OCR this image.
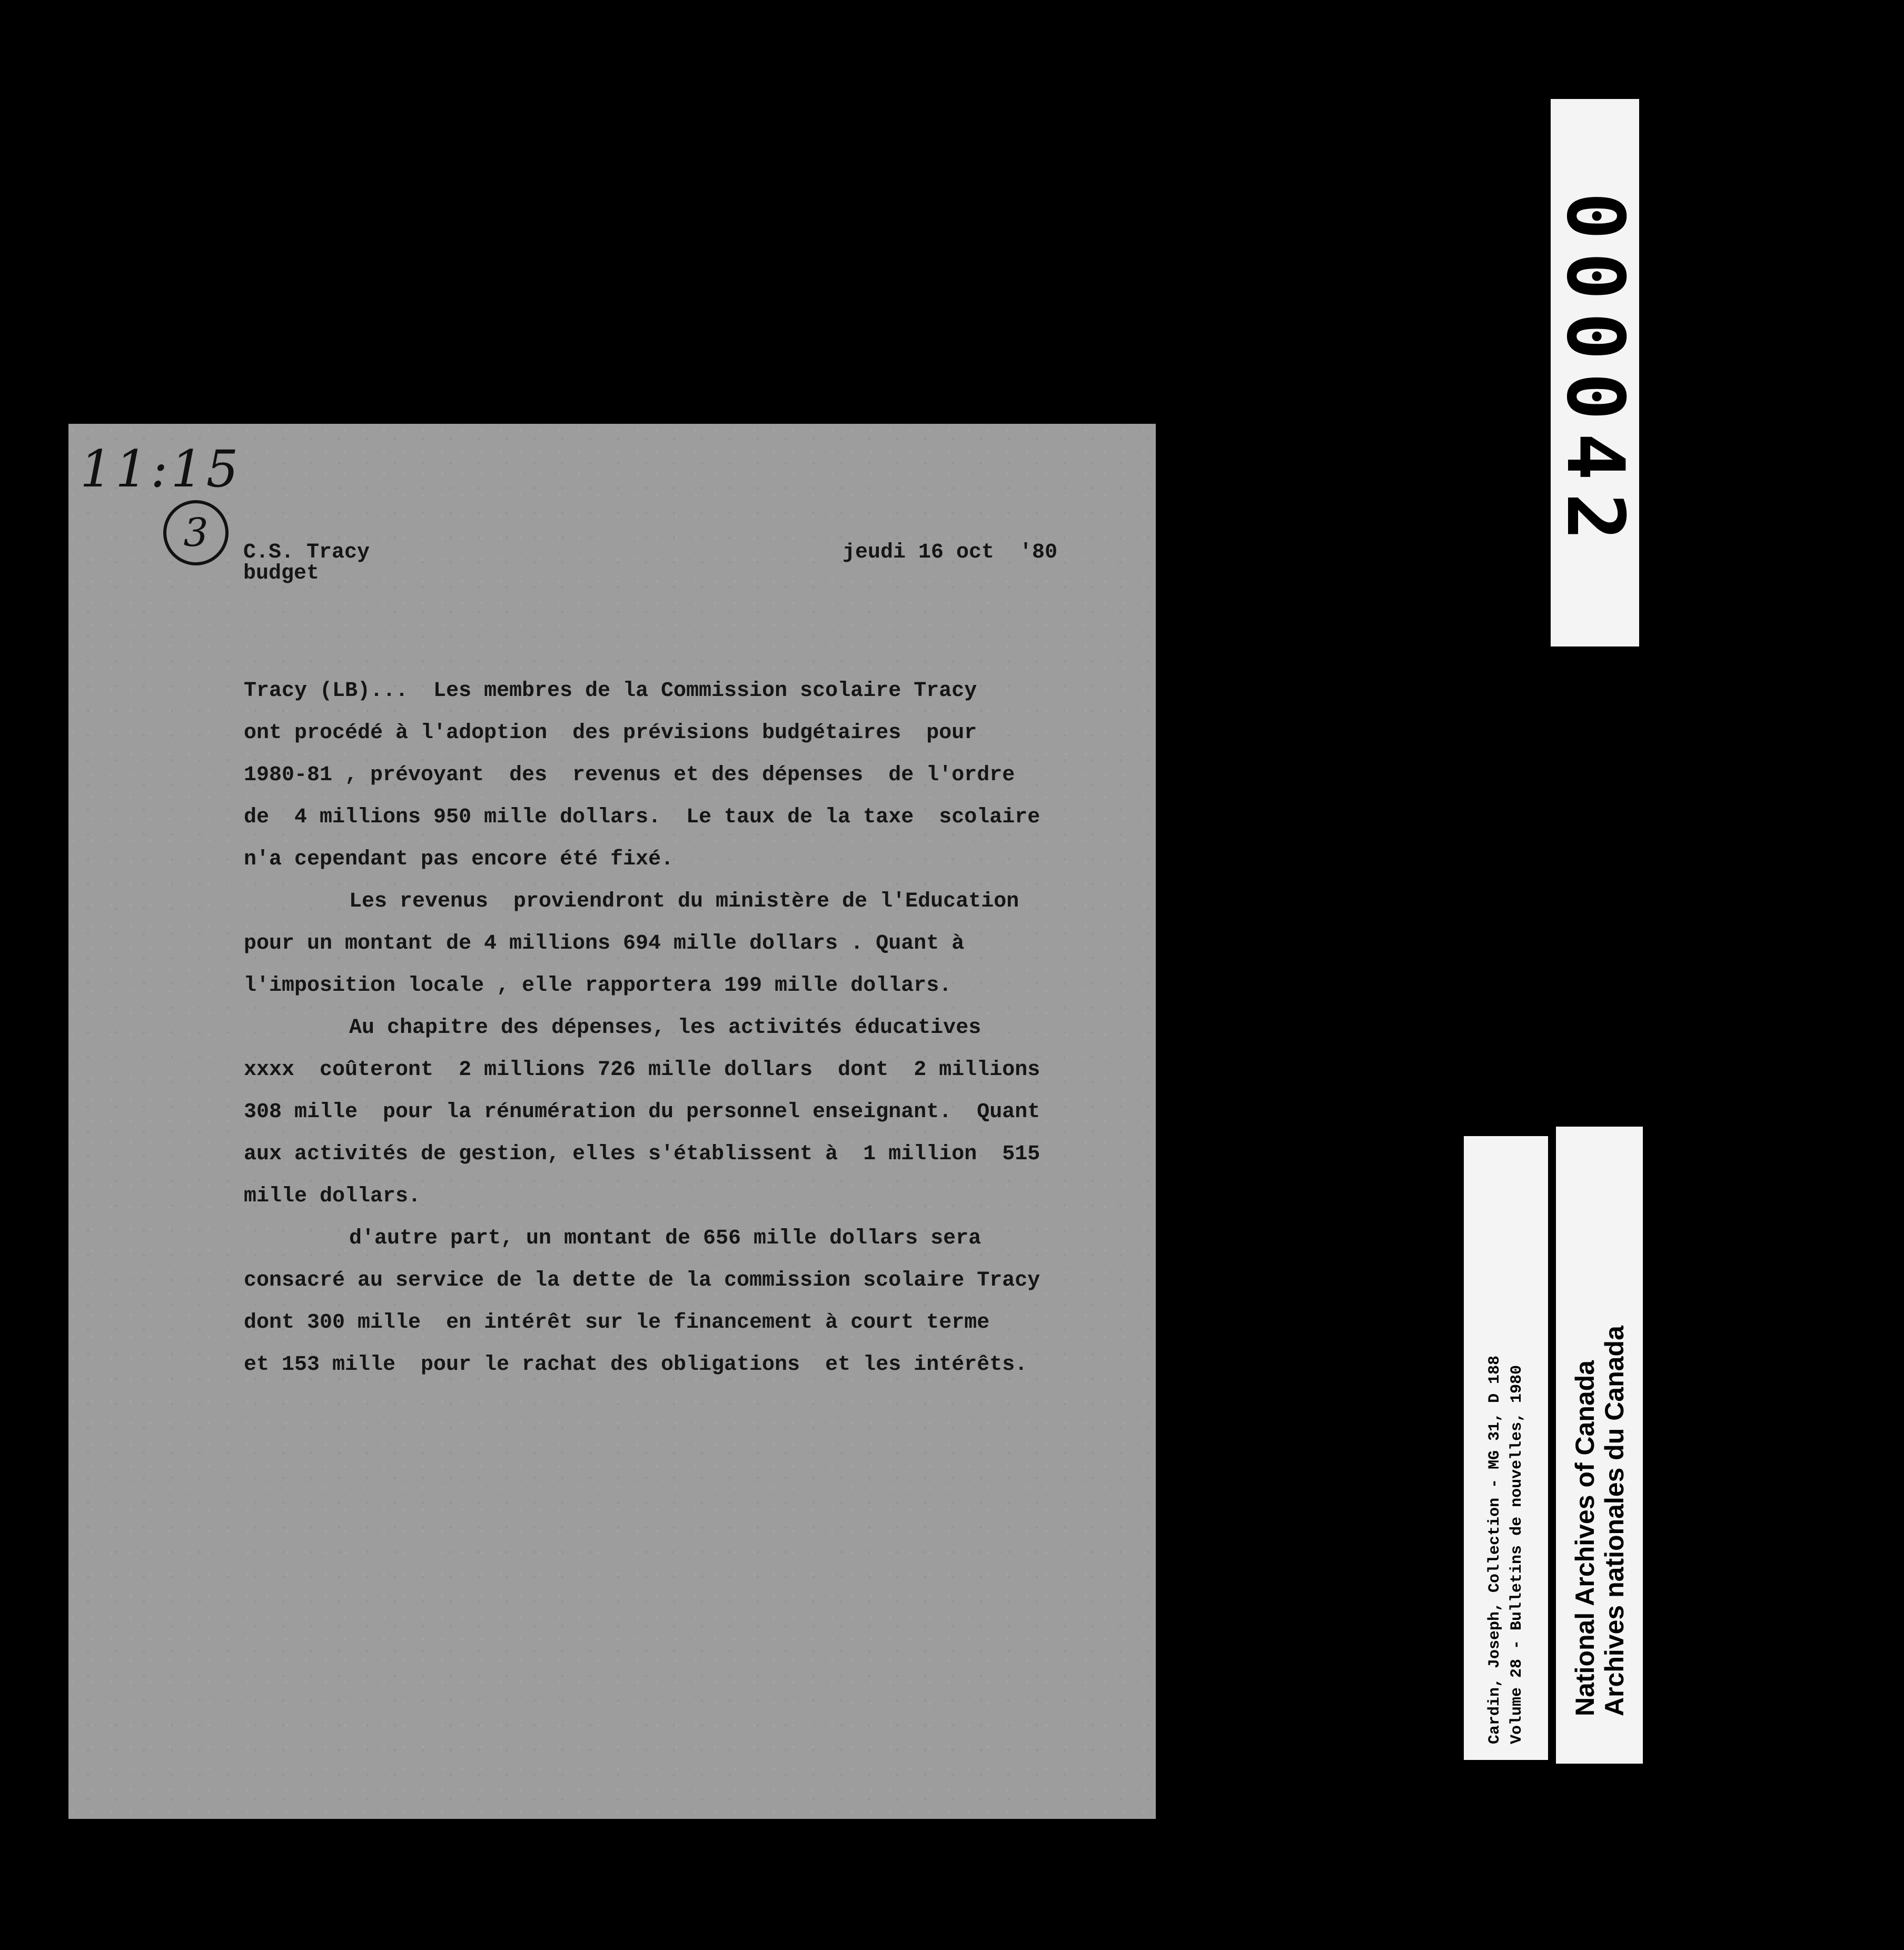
11:15
3	C.S. Tracy
budget
jeudi 16 oct  '80
Tracy (LB)...  Les membres de la Commission scolaire Tracy
ont procédé à l'adoption  des prévisions budgétaires  pour
1980-81 , prévoyant  des  revenus et des dépenses  de l'ordre
de  4 millions 950 mille dollars.  Le taux de la taxe  scolaire
n'a cependant pas encore été fixé.
Les revenus  proviendront du ministère de l'Education
pour un montant de 4 millions 694 mille dollars . Quant à
l'imposition locale , elle rapportera 199 mille dollars.
Au chapitre des dépenses, les activités éducatives
xxxx  coûteront  2 millions 726 mille dollars  dont  2 millions
308 mille  pour la rénumération du personnel enseignant.  Quant
aux activités de gestion, elles s'établissent à  1 million  515
mille dollars.
d'autre part, un montant de 656 mille dollars sera
consacré au service de la dette de la commission scolaire Tracy
dont 300 mille  en intérêt sur le financement à court terme
et 153 mille  pour le rachat des obligations  et les intérêts.
000042
Cardin, Joseph, Collection - MG 31, D 188 Volume 28 - Bulletins de nouvelles, 1980 National Archives of Canada Archives nationales du Canada
